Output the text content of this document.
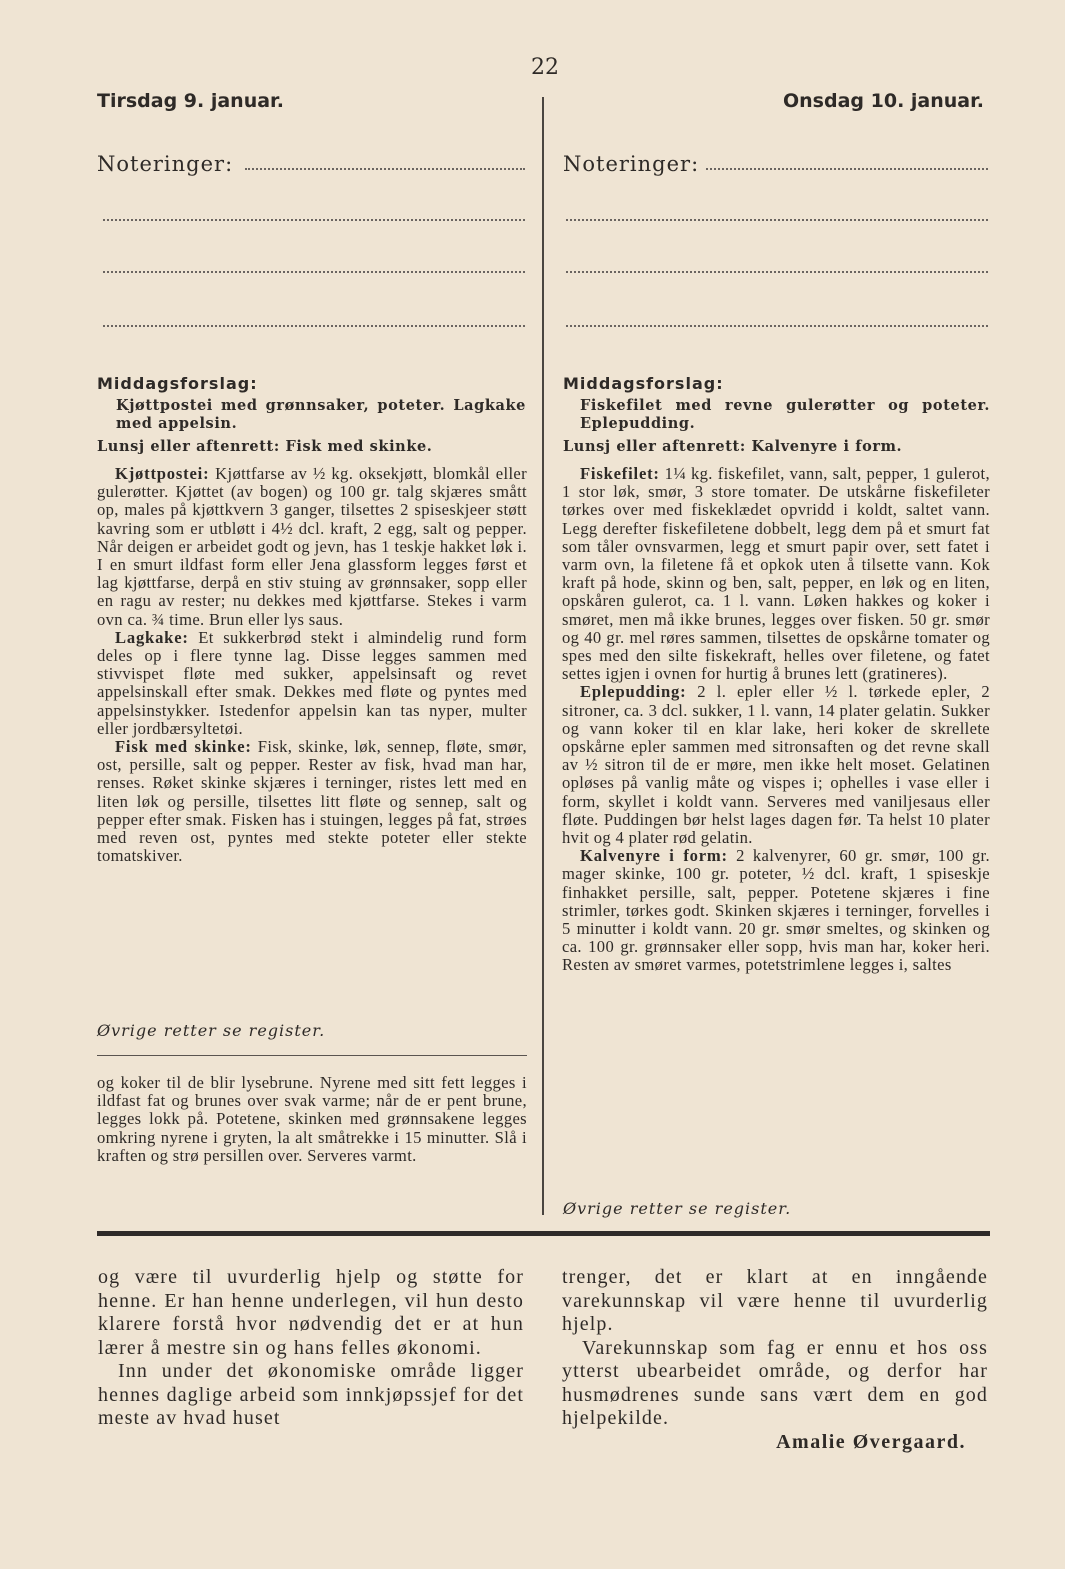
22
Tirsdag 9. januar.
Noteringer:
Middagsforslag:
Kjøttpostei med grønnsaker, poteter. Lagkake med appelsin.
Lunsj eller aftenrett: Fisk med skinke.

Kjøttpostei: Kjøttfarse av ½ kg. oksekjøtt, blomkål eller gulerøtter. Kjøttet (av bogen) og 100 gr. talg skjæres smått op, males på kjøttkvern 3 ganger, tilsettes 2 spiseskjeer støtt kavring som er utbløtt i 4½ dcl. kraft, 2 egg, salt og pepper. Når deigen er arbeidet godt og jevn, has 1 teskje hakket løk i. I en smurt ildfast form eller Jena glassform legges først et lag kjøttfarse, derpå en stiv stuing av grønnsaker, sopp eller en ragu av rester; nu dekkes med kjøttfarse. Stekes i varm ovn ca. ¾ time. Brun eller lys saus.

Lagkake: Et sukkerbrød stekt i almindelig rund form deles op i flere tynne lag. Disse legges sammen med stivvispet fløte med sukker, appelsinsaft og revet appelsinskall efter smak. Dekkes med fløte og pyntes med appelsinstykker. Istedenfor appelsin kan tas nyper, multer eller jordbærsyltetøi.

Fisk med skinke: Fisk, skinke, løk, sennep, fløte, smør, ost, persille, salt og pepper. Rester av fisk, hvad man har, renses. Røket skinke skjæres i terninger, ristes lett med en liten løk og persille, tilsettes litt fløte og sennep, salt og pepper efter smak. Fisken has i stuingen, legges på fat, strøes med reven ost, pyntes med stekte poteter eller stekte tomatskiver.

Øvrige retter se register.

og koker til de blir lysebrune. Nyrene med sitt fett legges i ildfast fat og brunes over svak varme; når de er pent brune, legges lokk på. Potetene, skinken med grønnsakene legges omkring nyrene i gryten, la alt småtrekke i 15 minutter. Slå i kraften og strø persillen over. Serveres varmt.

Onsdag 10. januar.
Noteringer:
Middagsforslag:
Fiskefilet med revne gulerøtter og poteter. Eplepudding.
Lunsj eller aftenrett: Kalvenyre i form.

Fiskefilet: 1¼ kg. fiskefilet, vann, salt, pepper, 1 gulerot, 1 stor løk, smør, 3 store tomater. De utskårne fiskefileter tørkes over med fiskeklædet opvridd i koldt, saltet vann. Legg derefter fiskefiletene dobbelt, legg dem på et smurt fat som tåler ovnsvarmen, legg et smurt papir over, sett fatet i varm ovn, la filetene få et opkok uten å tilsette vann. Kok kraft på hode, skinn og ben, salt, pepper, en løk og en liten, opskåren gulerot, ca. 1 l. vann. Løken hakkes og koker i smøret, men må ikke brunes, legges over fisken. 50 gr. smør og 40 gr. mel røres sammen, tilsettes de opskårne tomater og spes med den silte fiskekraft, helles over filetene, og fatet settes igjen i ovnen for hurtig å brunes lett (gratineres).

Eplepudding: 2 l. epler eller ½ l. tørkede epler, 2 sitroner, ca. 3 dcl. sukker, 1 l. vann, 14 plater gelatin. Sukker og vann koker til en klar lake, heri koker de skrellete opskårne epler sammen med sitronsaften og det revne skall av ½ sitron til de er møre, men ikke helt moset. Gelatinen opløses på vanlig måte og vispes i; ophelles i vase eller i form, skyllet i koldt vann. Serveres med vaniljesaus eller fløte. Puddingen bør helst lages dagen før. Ta helst 10 plater hvit og 4 plater rød gelatin.

Kalvenyre i form: 2 kalvenyrer, 60 gr. smør, 100 gr. mager skinke, 100 gr. poteter, ½ dcl. kraft, 1 spiseskje finhakket persille, salt, pepper. Potetene skjæres i fine strimler, tørkes godt. Skinken skjæres i terninger, forvelles i 5 minutter i koldt vann. 20 gr. smør smeltes, og skinken og ca. 100 gr. grønnsaker eller sopp, hvis man har, koker heri. Resten av smøret varmes, potetstrimlene legges i, saltes

Øvrige retter se register.

og være til uvurderlig hjelp og støtte for henne. Er han henne underlegen, vil hun desto klarere forstå hvor nødvendig det er at hun lærer å mestre sin og hans felles økonomi.

Inn under det økonomiske område ligger hennes daglige arbeid som innkjøpssjef for det meste av hvad huset

trenger, det er klart at en inngående varekunnskap vil være henne til uvurderlig hjelp.

Varekunnskap som fag er ennu et hos oss ytterst ubearbeidet område, og derfor har husmødrenes sunde sans vært dem en god hjelpekilde.

Amalie Øvergaard.
